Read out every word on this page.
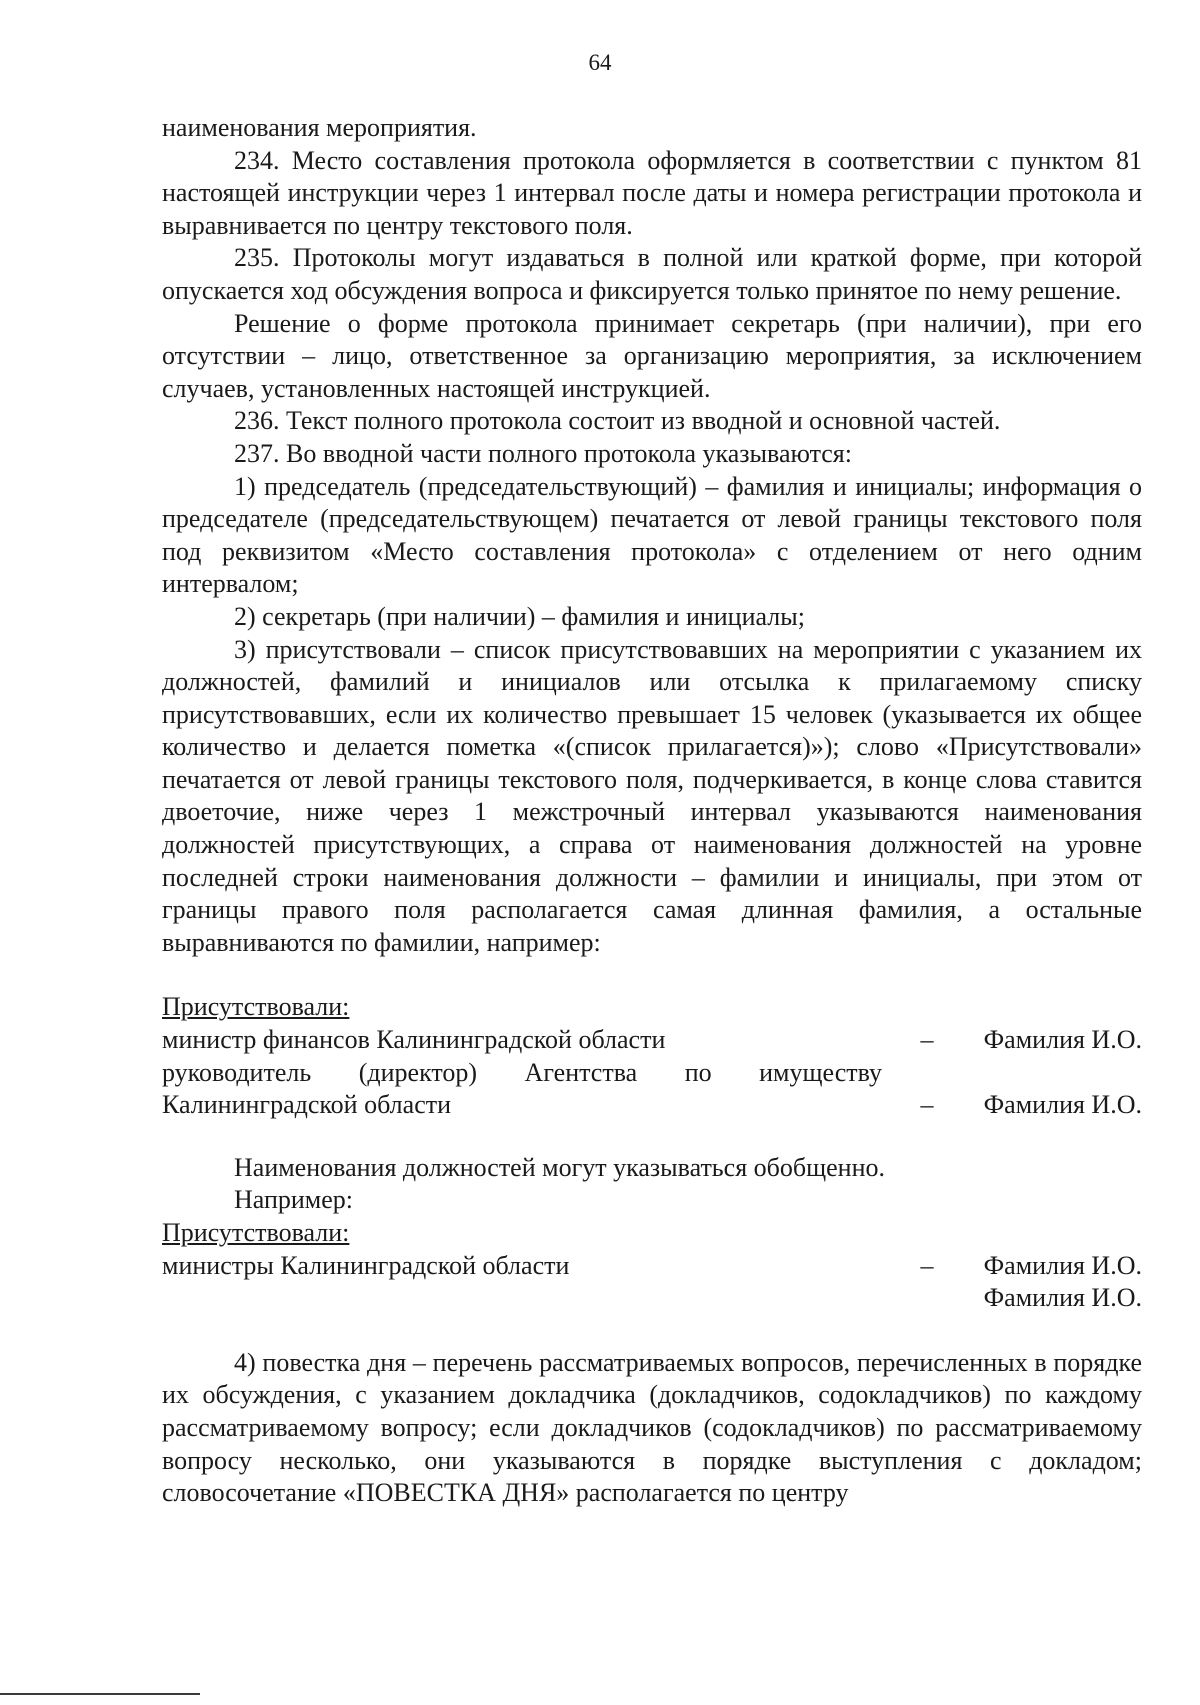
64

наименования мероприятия.

234. Место составления протокола оформляется в соответствии с пунктом 81 настоящей инструкции через 1 интервал после даты и номера регистрации протокола и выравнивается по центру текстового поля.

235. Протоколы могут издаваться в полной или краткой форме, при которой опускается ход обсуждения вопроса и фиксируется только принятое по нему решение.

Решение о форме протокола принимает секретарь (при наличии), при его отсутствии – лицо, ответственное за организацию мероприятия, за исключением случаев, установленных настоящей инструкцией.

236. Текст полного протокола состоит из вводной и основной частей.

237. Во вводной части полного протокола указываются:

1) председатель (председательствующий) – фамилия и инициалы; информация о председателе (председательствующем) печатается от левой границы текстового поля под реквизитом «Место составления протокола» с отделением от него одним интервалом;

2) секретарь (при наличии) – фамилия и инициалы;

3) присутствовали – список присутствовавших на мероприятии с указанием их должностей, фамилий и инициалов или отсылка к прилагаемому списку присутствовавших, если их количество превышает 15 человек (указывается их общее количество и делается пометка «(список прилагается)»); слово «Присутствовали» печатается от левой границы текстового поля, подчеркивается, в конце слова ставится двоеточие, ниже через 1 межстрочный интервал указываются наименования должностей присутствующих, а справа от наименования должностей на уровне последней строки наименования должности – фамилии и инициалы, при этом от границы правого поля располагается самая длинная фамилия, а остальные выравниваются по фамилии, например:

Присутствовали:
министр финансов Калининградской области	–	Фамилия И.О.
руководитель (директор) Агентства по имуществу
Калининградской области	–	Фамилия И.О.

Наименования должностей могут указываться обобщенно.

Например:

Присутствовали:
министры Калининградской области	–	Фамилия И.О.
Фамилия И.О.

4) повестка дня – перечень рассматриваемых вопросов, перечисленных в порядке их обсуждения, с указанием докладчика (докладчиков, содокладчиков) по каждому рассматриваемому вопросу; если докладчиков (содокладчиков) по рассматриваемому вопросу несколько, они указываются в порядке выступления с докладом; словосочетание «ПОВЕСТКА ДНЯ» располагается по центру
